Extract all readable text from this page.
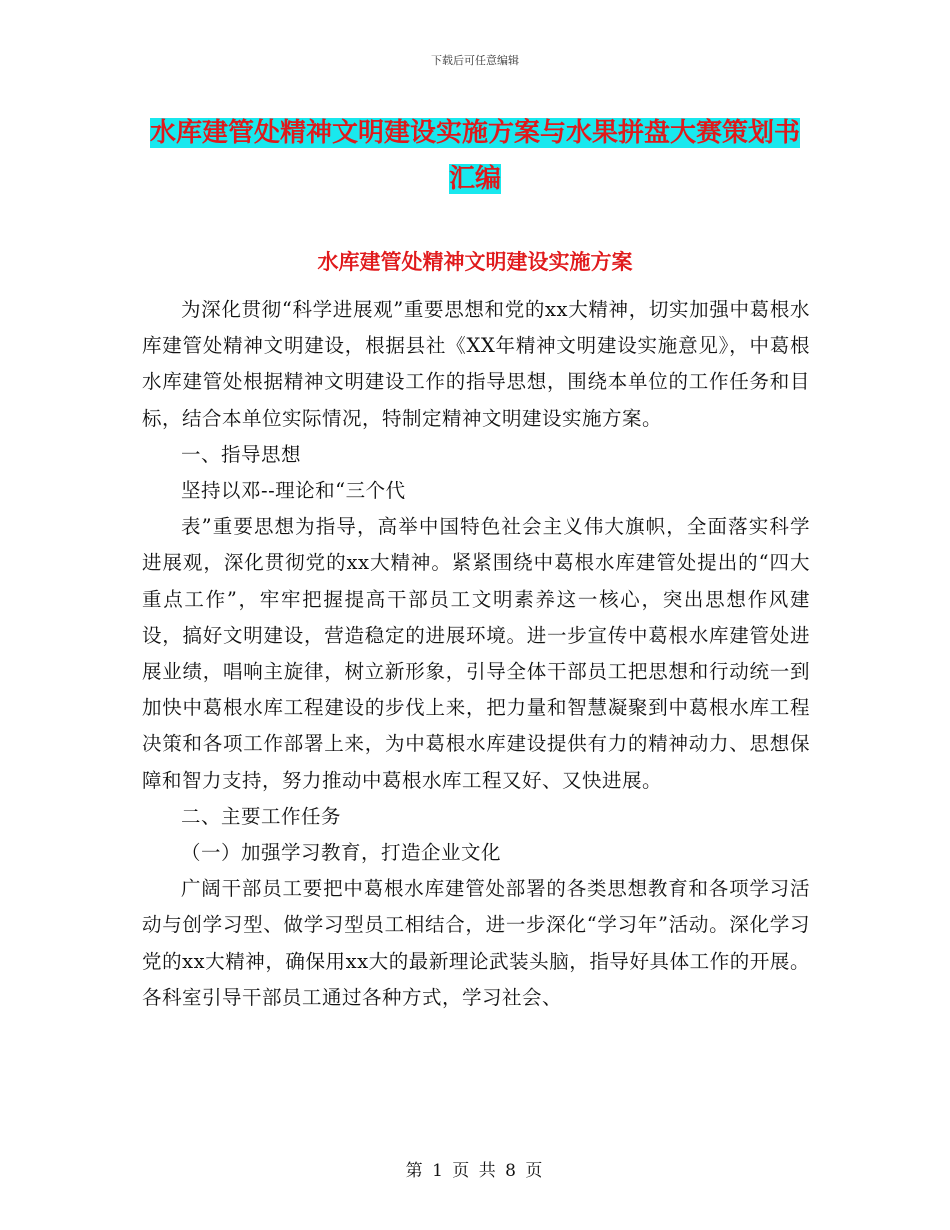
下载后可任意编辑
水库建管处精神文明建设实施方案与水果拼盘大赛策划书汇编
水库建管处精神文明建设实施方案

为深化贯彻“科学进展观”重要思想和党的xx大精神，切实加强中葛根水库建管处精神文明建设，根据县社《XX年精神文明建设实施意见》，中葛根水库建管处根据精神文明建设工作的指导思想，围绕本单位的工作任务和目标，结合本单位实际情况，特制定精神文明建设实施方案。

一、指导思想

坚持以邓--理论和“三个代

表”重要思想为指导，高举中国特色社会主义伟大旗帜，全面落实科学进展观，深化贯彻党的xx大精神。紧紧围绕中葛根水库建管处提出的“四大重点工作”，牢牢把握提高干部员工文明素养这一核心，突出思想作风建设，搞好文明建设，营造稳定的进展环境。进一步宣传中葛根水库建管处进展业绩，唱响主旋律，树立新形象，引导全体干部员工把思想和行动统一到加快中葛根水库工程建设的步伐上来，把力量和智慧凝聚到中葛根水库工程决策和各项工作部署上来，为中葛根水库建设提供有力的精神动力、思想保障和智力支持，努力推动中葛根水库工程又好、又快进展。

二、主要工作任务

（一）加强学习教育，打造企业文化

广阔干部员工要把中葛根水库建管处部署的各类思想教育和各项学习活动与创学习型、做学习型员工相结合，进一步深化“学习年”活动。深化学习党的xx大精神，确保用xx大的最新理论武装头脑，指导好具体工作的开展。各科室引导干部员工通过各种方式，学习社会、

第 1 页 共 8 页
